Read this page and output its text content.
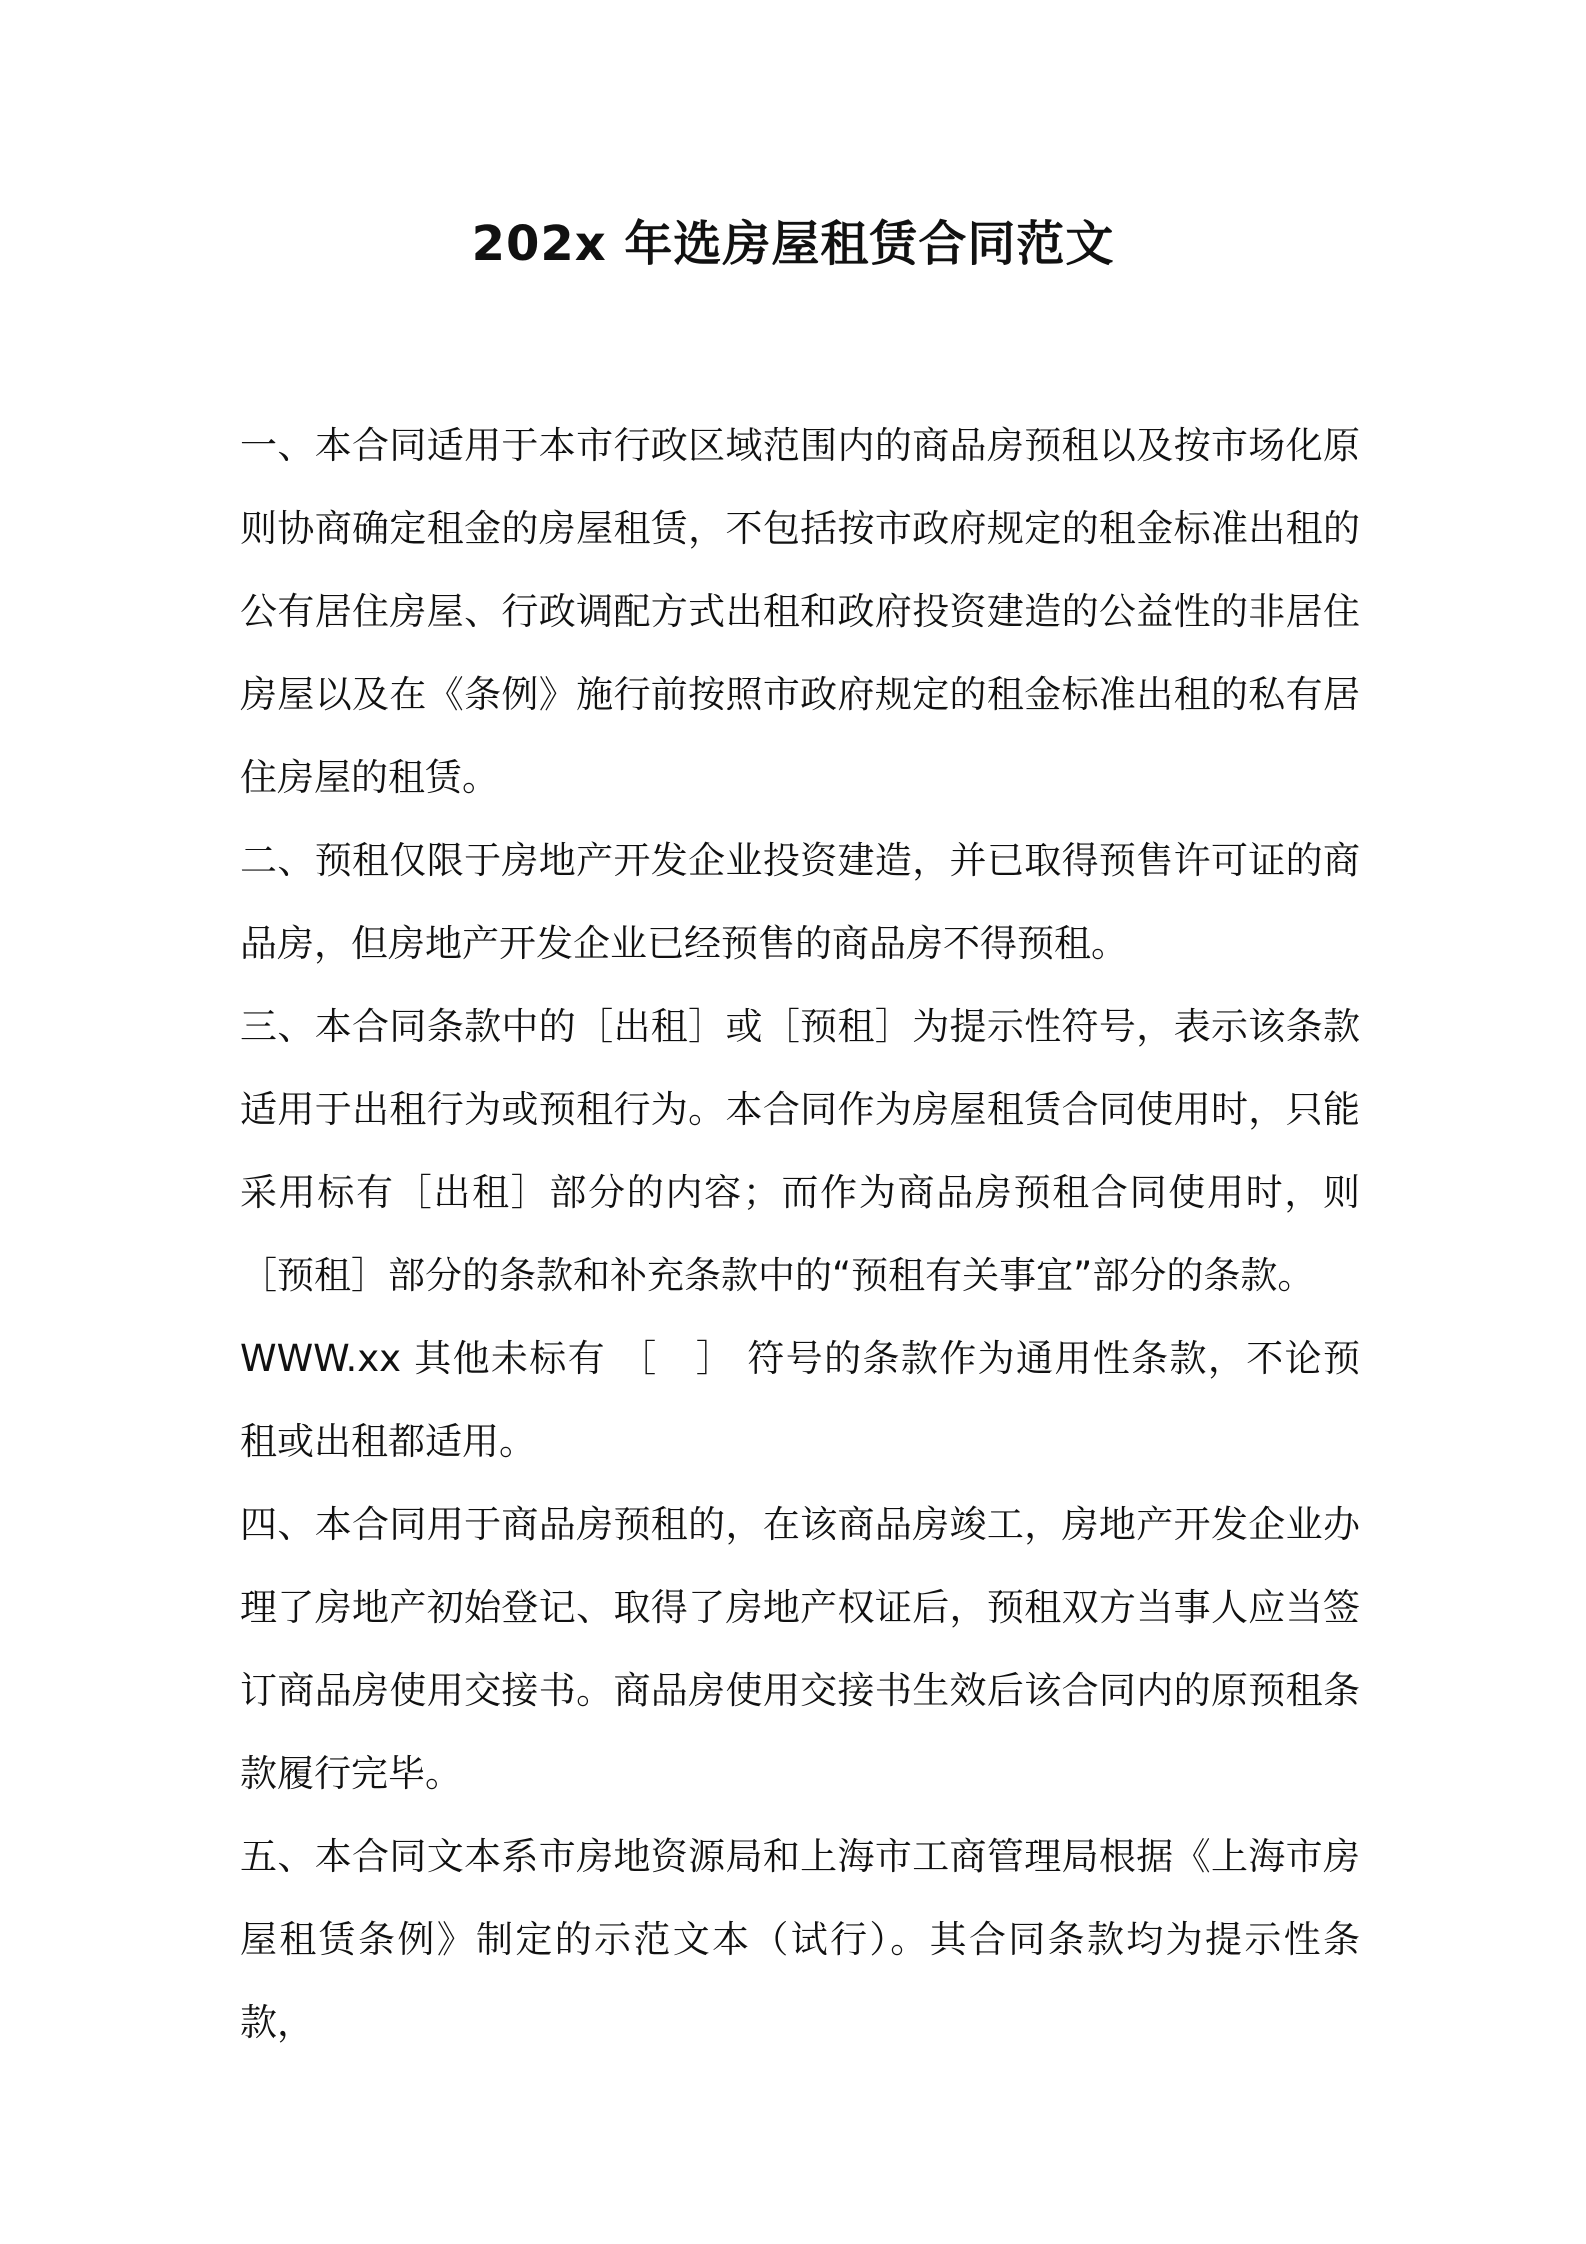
202x 年选房屋租赁合同范文

一、本合同适用于本市行政区域范围内的商品房预租以及按市场化原则协商确定租金的房屋租赁，不包括按市政府规定的租金标准出租的公有居住房屋、行政调配方式出租和政府投资建造的公益性的非居住房屋以及在《条例》施行前按照市政府规定的租金标准出租的私有居住房屋的租赁。

二、预租仅限于房地产开发企业投资建造，并已取得预售许可证的商品房，但房地产开发企业已经预售的商品房不得预租。

三、本合同条款中的［出租］或［预租］为提示性符号，表示该条款适用于出租行为或预租行为。本合同作为房屋租赁合同使用时，只能采用标有［出租］部分的内容；而作为商品房预租合同使用时，则［预租］部分的条款和补充条款中的“预租有关事宜”部分的条款。

WWW.xx 其他未标有 ［　］ 符号的条款作为通用性条款，不论预租或出租都适用。

四、本合同用于商品房预租的，在该商品房竣工，房地产开发企业办理了房地产初始登记、取得了房地产权证后，预租双方当事人应当签订商品房使用交接书。商品房使用交接书生效后该合同内的原预租条款履行完毕。

五、本合同文本系市房地资源局和上海市工商管理局根据《上海市房屋租赁条例》制定的示范文本（试行）。其合同条款均为提示性条款，
